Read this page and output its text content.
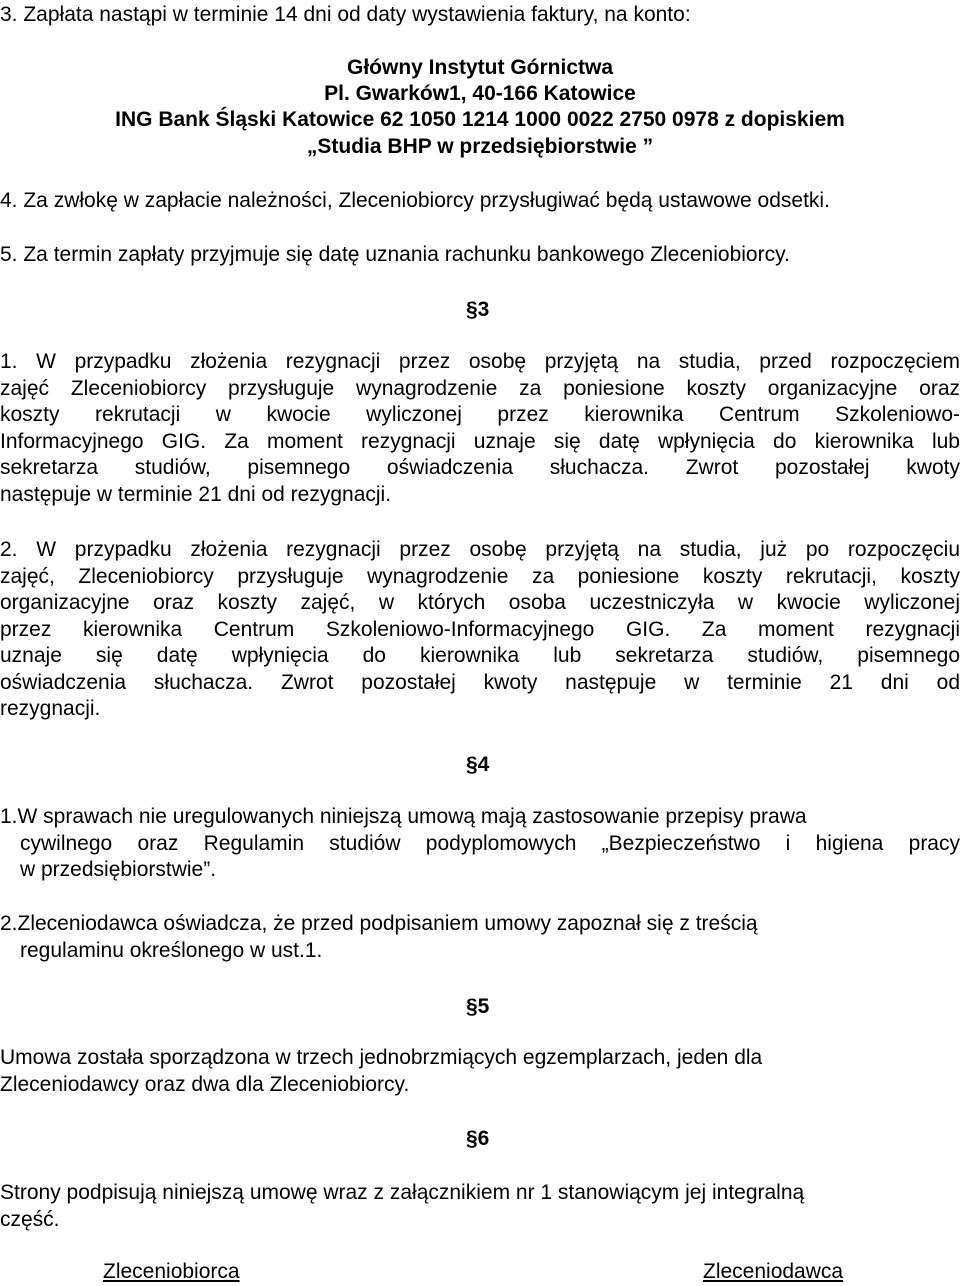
3. Zapłata nastąpi w terminie 14 dni od daty wystawienia faktury, na konto:
Główny Instytut Górnictwa
Pl. Gwarków1, 40-166 Katowice
ING Bank Śląski Katowice 62 1050 1214 1000 0022 2750 0978 z dopiskiem
„Studia BHP w przedsiębiorstwie ”
4. Za zwłokę w zapłacie należności, Zleceniobiorcy przysługiwać będą ustawowe odsetki.
5. Za termin zapłaty przyjmuje się datę uznania rachunku bankowego Zleceniobiorcy.
§3
1. W przypadku złożenia rezygnacji przez osobę przyjętą na studia, przed rozpoczęciem
zajęć Zleceniobiorcy przysługuje wynagrodzenie za poniesione koszty organizacyjne oraz
koszty rekrutacji w kwocie wyliczonej przez kierownika Centrum Szkoleniowo-
Informacyjnego GIG. Za moment rezygnacji uznaje się datę wpłynięcia do kierownika lub
sekretarza studiów, pisemnego oświadczenia słuchacza. Zwrot pozostałej kwoty
następuje w terminie 21 dni od rezygnacji.
2. W przypadku złożenia rezygnacji przez osobę przyjętą na studia, już po rozpoczęciu
zajęć, Zleceniobiorcy przysługuje wynagrodzenie za poniesione koszty rekrutacji, koszty
organizacyjne oraz koszty zajęć, w których osoba uczestniczyła w kwocie wyliczonej
przez kierownika Centrum Szkoleniowo-Informacyjnego GIG. Za moment rezygnacji
uznaje się datę wpłynięcia do kierownika lub sekretarza studiów, pisemnego
oświadczenia słuchacza. Zwrot pozostałej kwoty następuje w terminie 21 dni od
rezygnacji.
§4
1.W sprawach nie uregulowanych niniejszą umową mają zastosowanie przepisy prawa
cywilnego oraz Regulamin studiów podyplomowych „Bezpieczeństwo i higiena pracy
w przedsiębiorstwie”.
2.Zleceniodawca oświadcza, że przed podpisaniem umowy zapoznał się z treścią
regulaminu określonego w ust.1.
§5
Umowa została sporządzona w trzech jednobrzmiących egzemplarzach, jeden dla
Zleceniodawcy oraz dwa dla Zleceniobiorcy.
§6
Strony podpisują niniejszą umowę wraz z załącznikiem nr 1 stanowiącym jej integralną
część.
Zleceniobiorca	Zleceniodawca
